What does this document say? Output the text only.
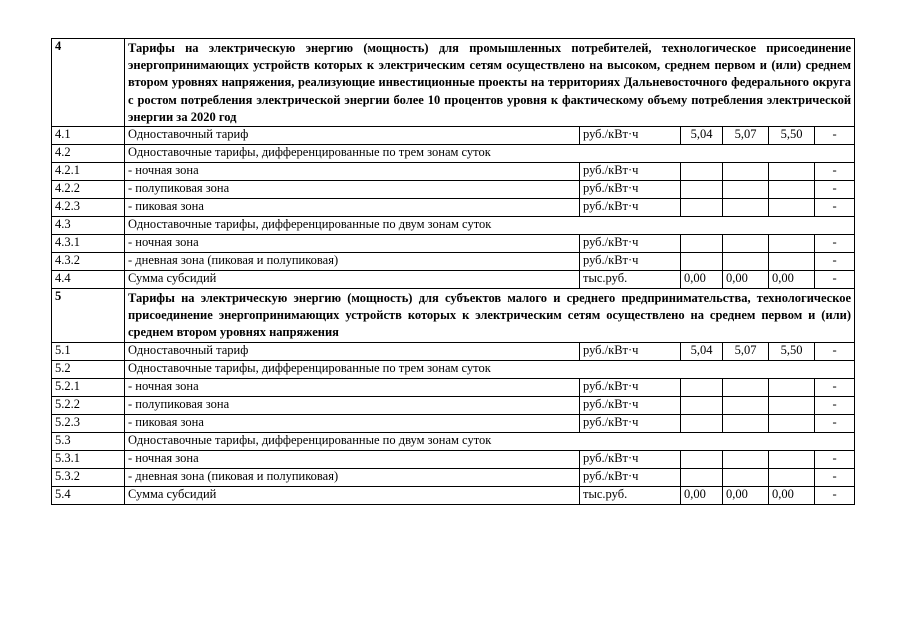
4	Тарифы на электрическую энергию (мощность) для промышленных потребителей, технологическое присоединение энергопринимающих устройств которых к электрическим сетям осуществлено на высоком, среднем первом и (или) среднем втором уровнях напряжения, реализующие инвестиционные проекты на территориях Дальневосточного федерального округа с ростом потребления электрической энергии более 10 процентов уровня к фактическому объему потребления электрической энергии за 2020 год					
4.1	Одноставочный тариф	руб./кВт·ч	5,04	5,07	5,50	-
4.2	Одноставочные тарифы, дифференцированные по трем зонам суток					
4.2.1	- ночная зона	руб./кВт·ч				-
4.2.2	- полупиковая зона	руб./кВт·ч				-
4.2.3	- пиковая зона	руб./кВт·ч				-
4.3	Одноставочные тарифы, дифференцированные по двум зонам суток					
4.3.1	- ночная зона	руб./кВт·ч				-
4.3.2	- дневная зона (пиковая и полупиковая)	руб./кВт·ч				-
4.4	Сумма субсидий	тыс.руб.	0,00	0,00	0,00	-
5	Тарифы на электрическую энергию (мощность) для субъектов малого и среднего предпринимательства, технологическое присоединение энергопринимающих устройств которых к электрическим сетям осуществлено на среднем первом и (или) среднем втором уровнях напряжения					
5.1	Одноставочный тариф	руб./кВт·ч	5,04	5,07	5,50	-
5.2	Одноставочные тарифы, дифференцированные по трем зонам суток					
5.2.1	- ночная зона	руб./кВт·ч				-
5.2.2	- полупиковая зона	руб./кВт·ч				-
5.2.3	- пиковая зона	руб./кВт·ч				-
5.3	Одноставочные тарифы, дифференцированные по двум зонам суток					
5.3.1	- ночная зона	руб./кВт·ч				-
5.3.2	- дневная зона (пиковая и полупиковая)	руб./кВт·ч				-
5.4	Сумма субсидий	тыс.руб.	0,00	0,00	0,00	-
